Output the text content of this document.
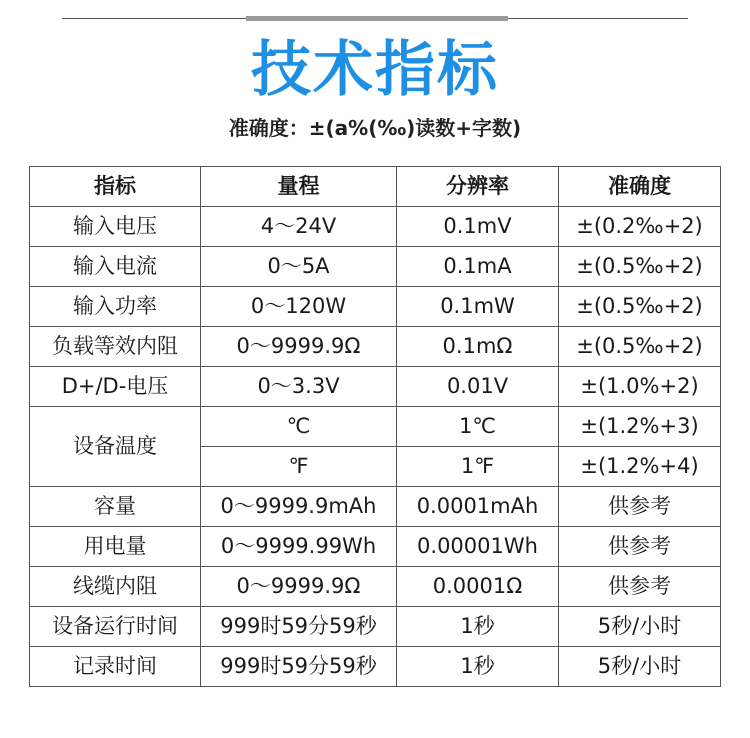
技术指标
准确度：±(a%(‰)读数+字数)
指标	量程	分辨率	准确度
输入电压	4～24V	0.1mV	±(0.2‰+2)
输入电流	0～5A	0.1mA	±(0.5‰+2)
输入功率	0～120W	0.1mW	±(0.5‰+2)
负载等效内阻	0～9999.9Ω	0.1mΩ	±(0.5‰+2)
D+/D-电压	0～3.3V	0.01V	±(1.0%+2)
设备温度	℃	1℃	±(1.2%+3)
	℉	1℉	±(1.2%+4)
容量	0～9999.9mAh	0.0001mAh	供参考
用电量	0～9999.99Wh	0.00001Wh	供参考
线缆内阻	0～9999.9Ω	0.0001Ω	供参考
设备运行时间	999时59分59秒	1秒	5秒/小时
记录时间	999时59分59秒	1秒	5秒/小时
